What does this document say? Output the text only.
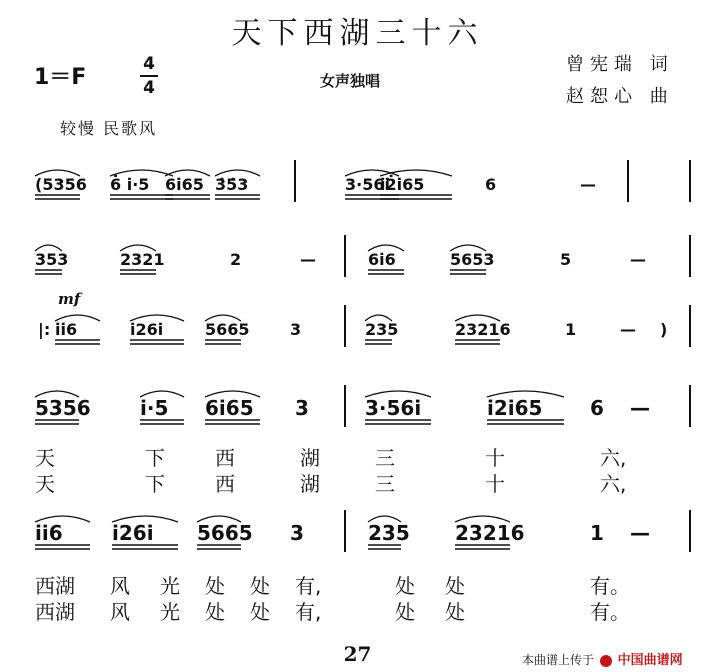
天下西湖三十六
1＝F
4
4	女声独唱
曾宪瑞 词
赵恕心 曲
较慢 民歌风
mf
(5356 6̇ i̇·5 6i̇65 3̇5̇3	3·56i̇
i̇2̇i̇65	6	—
353	2321	2	—	6i̇6	5653	5	—
|: i̇i̇6	i̇26i̇	5665	3	235	23216	1	— )
5356 i̇·5 6i̇65 3	3·56i̇	i̇2i̇65 6 —
i̇i̇6 i̇26i̇ 5665 3	235 23216	1 —
天	下	西	湖	三	十	六,
天	下	西	湖	三	十	六,
西湖 风 光 处 处 有,	处 处	有。
西湖 风 光 处 处 有,	处 处	有。
27	本曲谱上传于 中国曲谱网
